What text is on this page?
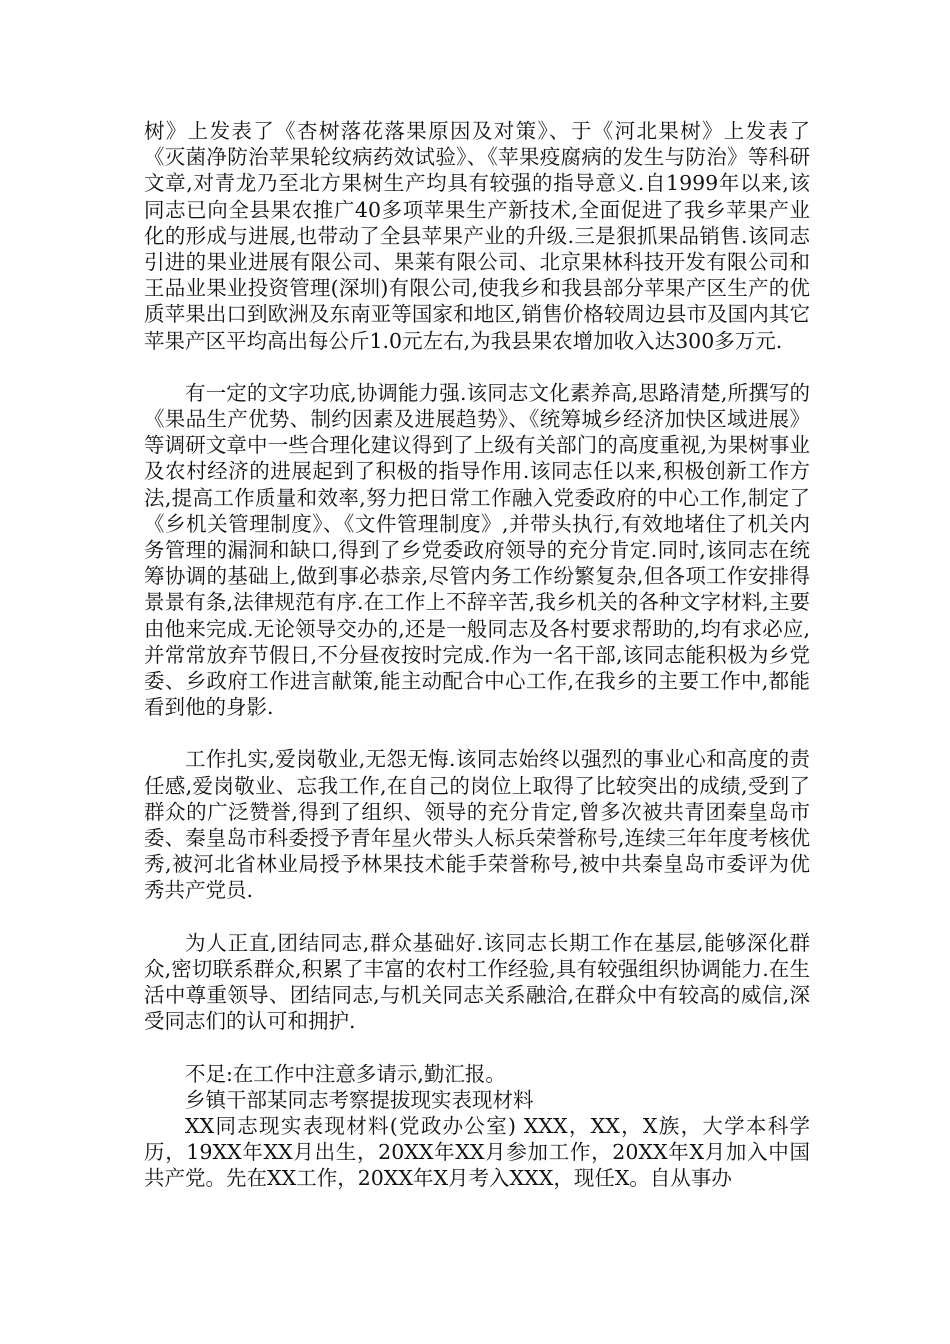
树》上发表了《杏树落花落果原因及对策》、于《河北果树》上发表了《灭菌净防治苹果轮纹病药效试验》、《苹果疫腐病的发生与防治》等科研文章,对青龙乃至北方果树生产均具有较强的指导意义.自1999年以来,该同志已向全县果农推广40多项苹果生产新技术,全面促进了我乡苹果产业化的形成与进展,也带动了全县苹果产业的升级.三是狠抓果品销售.该同志引进的果业进展有限公司、果莱有限公司、北京果林科技开发有限公司和王品业果业投资管理(深圳)有限公司,使我乡和我县部分苹果产区生产的优质苹果出口到欧洲及东南亚等国家和地区,销售价格较周边县市及国内其它苹果产区平均高出每公斤1.0元左右,为我县果农增加收入达300多万元.

有一定的文字功底,协调能力强.该同志文化素养高,思路清楚,所撰写的《果品生产优势、制约因素及进展趋势》、《统筹城乡经济加快区域进展》等调研文章中一些合理化建议得到了上级有关部门的高度重视,为果树事业及农村经济的进展起到了积极的指导作用.该同志任以来,积极创新工作方法,提高工作质量和效率,努力把日常工作融入党委政府的中心工作,制定了《乡机关管理制度》、《文件管理制度》,并带头执行,有效地堵住了机关内务管理的漏洞和缺口,得到了乡党委政府领导的充分肯定.同时,该同志在统筹协调的基础上,做到事必恭亲,尽管内务工作纷繁复杂,但各项工作安排得景景有条,法律规范有序.在工作上不辞辛苦,我乡机关的各种文字材料,主要由他来完成.无论领导交办的,还是一般同志及各村要求帮助的,均有求必应,并常常放弃节假日,不分昼夜按时完成.作为一名干部,该同志能积极为乡党委、乡政府工作进言献策,能主动配合中心工作,在我乡的主要工作中,都能看到他的身影.

工作扎实,爱岗敬业,无怨无悔.该同志始终以强烈的事业心和高度的责任感,爱岗敬业、忘我工作,在自己的岗位上取得了比较突出的成绩,受到了群众的广泛赞誉,得到了组织、领导的充分肯定,曾多次被共青团秦皇岛市委、秦皇岛市科委授予青年星火带头人标兵荣誉称号,连续三年年度考核优秀,被河北省林业局授予林果技术能手荣誉称号,被中共秦皇岛市委评为优秀共产党员.

为人正直,团结同志,群众基础好.该同志长期工作在基层,能够深化群众,密切联系群众,积累了丰富的农村工作经验,具有较强组织协调能力.在生活中尊重领导、团结同志,与机关同志关系融洽,在群众中有较高的威信,深受同志们的认可和拥护.

不足:在工作中注意多请示,勤汇报。

乡镇干部某同志考察提拔现实表现材料

XX同志现实表现材料(党政办公室) XXX，XX，X族，大学本科学历，19XX年XX月出生，20XX年XX月参加工作，20XX年X月加入中国共产党。先在XX工作，20XX年X月考入XXX，现任X。自从事办
